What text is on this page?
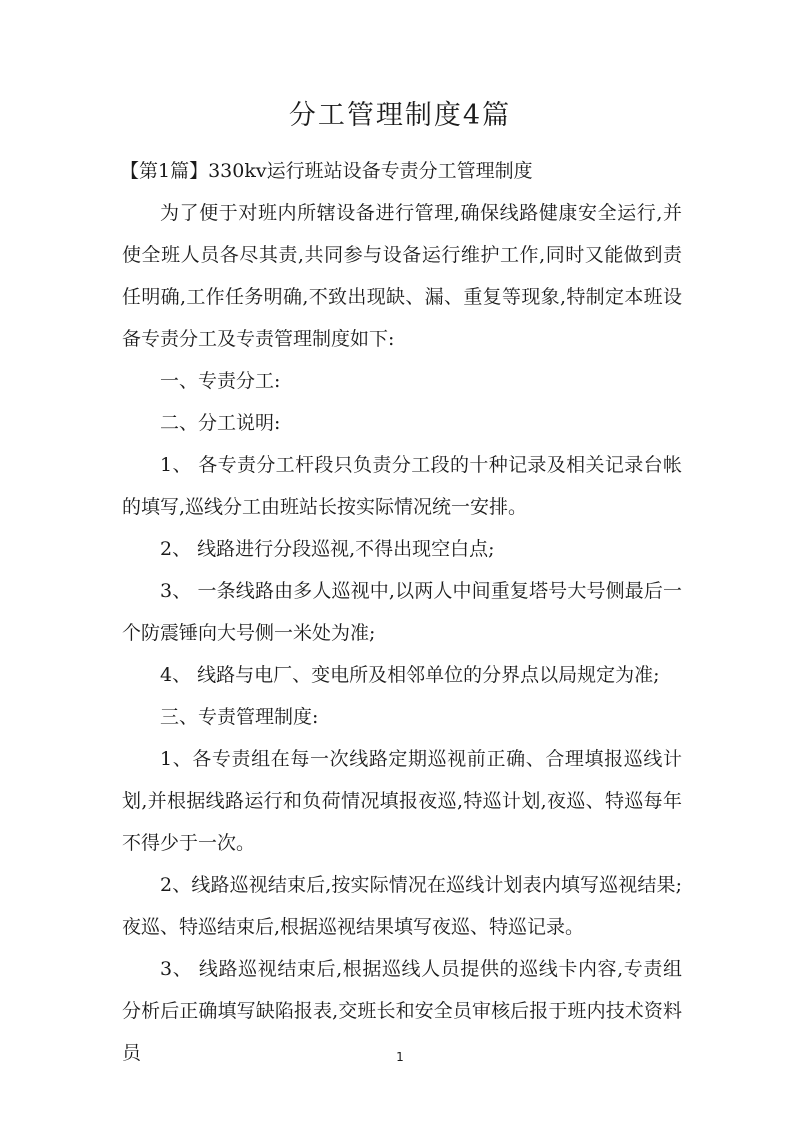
分工管理制度4篇

【第1篇】330kv运行班站设备专责分工管理制度

为了便于对班内所辖设备进行管理,确保线路健康安全运行,并使全班人员各尽其责,共同参与设备运行维护工作,同时又能做到责任明确,工作任务明确,不致出现缺、漏、重复等现象,特制定本班设备专责分工及专责管理制度如下:

一、专责分工:

二、分工说明:

1、 各专责分工杆段只负责分工段的十种记录及相关记录台帐的填写,巡线分工由班站长按实际情况统一安排。

2、 线路进行分段巡视,不得出现空白点;

3、 一条线路由多人巡视中,以两人中间重复塔号大号侧最后一个防震锤向大号侧一米处为准;

4、 线路与电厂、变电所及相邻单位的分界点以局规定为准;

三、专责管理制度:

1、各专责组在每一次线路定期巡视前正确、合理填报巡线计划,并根据线路运行和负荷情况填报夜巡,特巡计划,夜巡、特巡每年不得少于一次。

2、线路巡视结束后,按实际情况在巡线计划表内填写巡视结果;夜巡、特巡结束后,根据巡视结果填写夜巡、特巡记录。

3、 线路巡视结束后,根据巡线人员提供的巡线卡内容,专责组分析后正确填写缺陷报表,交班长和安全员审核后报于班内技术资料员	1
